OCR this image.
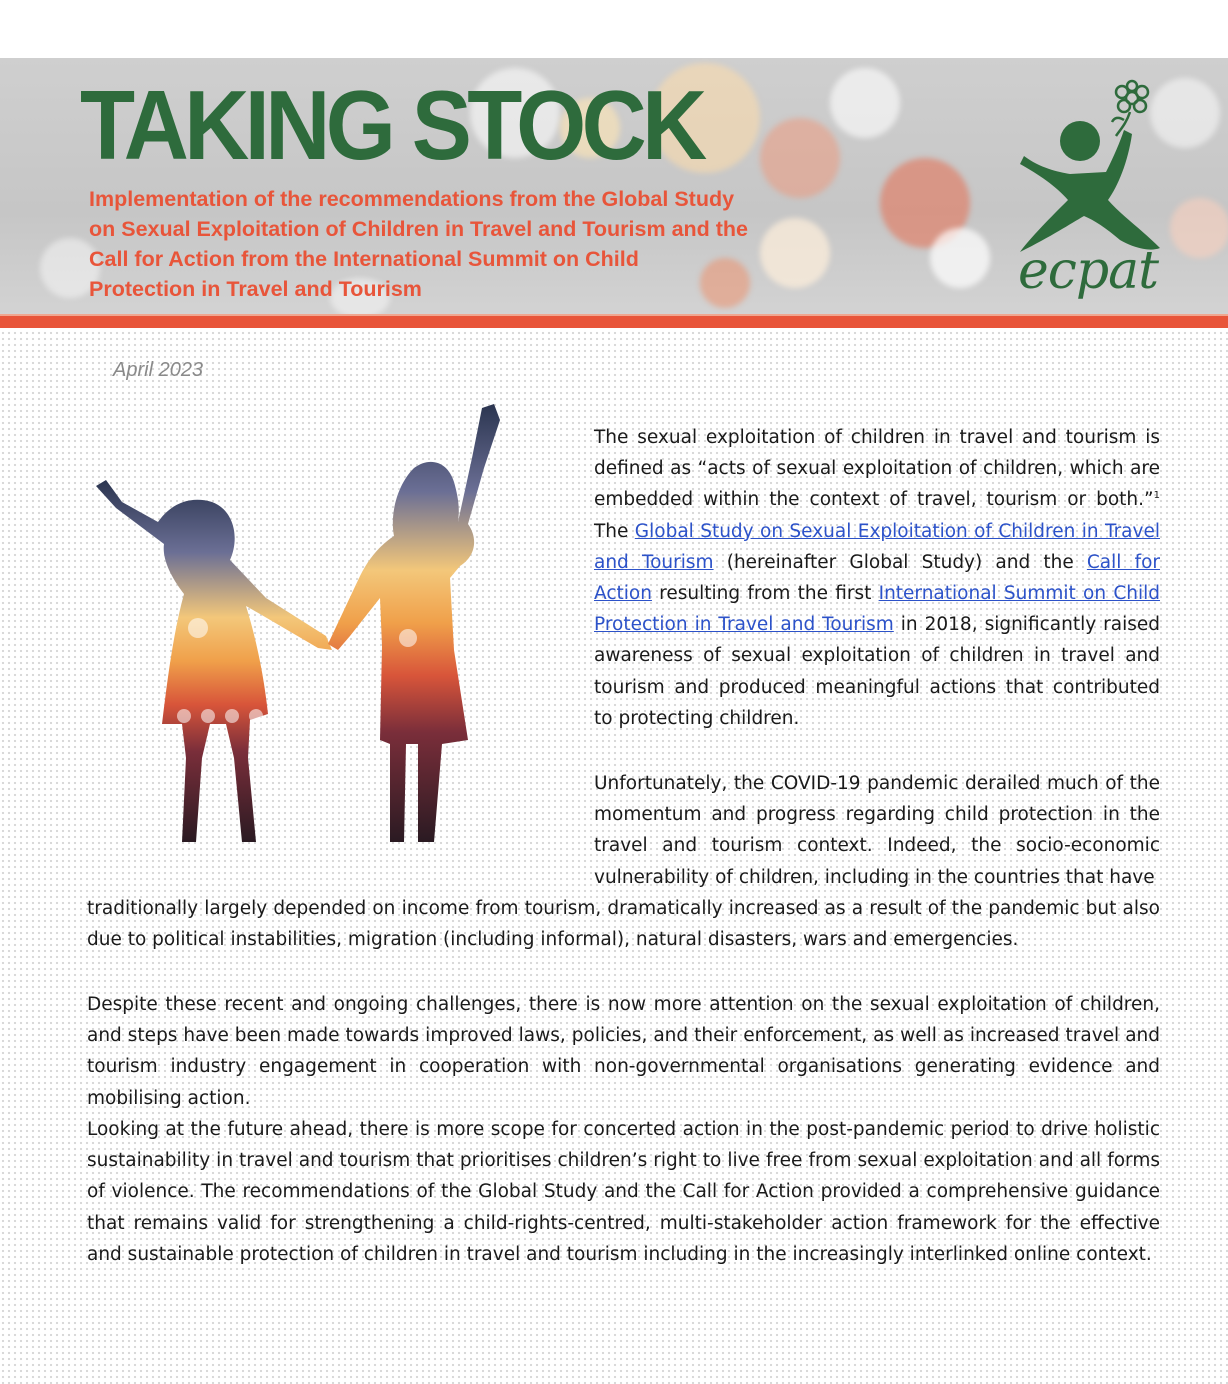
TAKING STOCK

Implementation of the recommendations from the Global Study on Sexual Exploitation of Children in Travel and Tourism and the Call for Action from the International Summit on Child Protection in Travel and Tourism	ecpat
April 2023

The sexual exploitation of children in travel and tourism is defined as “acts of sexual exploitation of children, which are embedded within the context of travel, tourism or both.”$^1$ The Global Study on Sexual Exploitation of Children in Travel and Tourism (hereinafter Global Study) and the Call for Action resulting from the first International Summit on Child Protection in Travel and Tourism in 2018, significantly raised awareness of sexual exploitation of children in travel and tourism and produced meaningful actions that contributed to protecting children.

Unfortunately, the COVID-19 pandemic derailed much of the momentum and progress regarding child protection in the travel and tourism context. Indeed, the socio-economic vulnerability of children, including in the countries that have

traditionally largely depended on income from tourism, dramatically increased as a result of the pandemic but also due to political instabilities, migration (including informal), natural disasters, wars and emergencies.

Despite these recent and ongoing challenges, there is now more attention on the sexual exploitation of children, and steps have been made towards improved laws, policies, and their enforcement, as well as increased travel and tourism industry engagement in cooperation with non-governmental organisations generating evidence and mobilising action.

Looking at the future ahead, there is more scope for concerted action in the post-pandemic period to drive holistic sustainability in travel and tourism that prioritises children’s right to live free from sexual exploitation and all forms of violence. The recommendations of the Global Study and the Call for Action provided a comprehensive guidance that remains valid for strengthening a child-rights-centred, multi-stakeholder action framework for the effective and sustainable protection of children in travel and tourism including in the increasingly interlinked online context.
